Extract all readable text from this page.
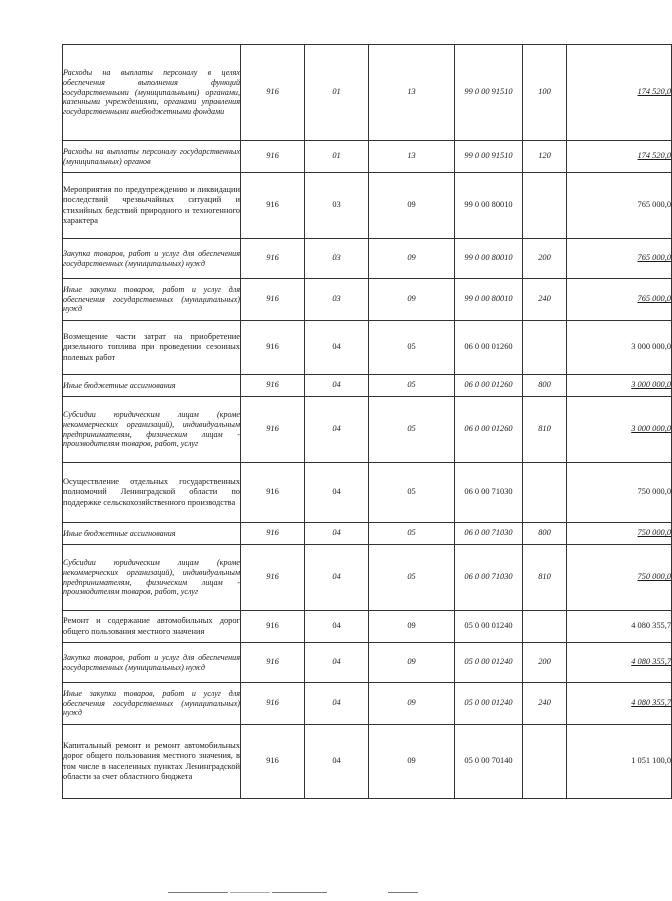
Расходы на выплаты персоналу в целях обеспечения выполнения функций государственными (муниципальными) органами, казенными учреждениями, органами управления государственными внебюджетными фондами	916	01	13	99 0 00 91510	100	174 520,0
Расходы на выплаты персоналу государственных (муниципальных) органов	916	01	13	99 0 00 91510	120	174 520,0
Мероприятия по предупреждению и ликвидации последствий чрезвычайных ситуаций и стихийных бедствий природного и техногенного характера	916	03	09	99 0 00 80010		765 000,0
Закупка товаров, работ и услуг для обеспечения государственных (муниципальных) нужд	916	03	09	99 0 00 80010	200	765 000,0
Иные закупки товаров, работ и услуг для обеспечения государственных (муниципальных) нужд	916	03	09	99 0 00 80010	240	765 000,0
Возмещение части затрат на приобретение дизельного топлива при проведении сезонных полевых работ	916	04	05	06 0 00 01260		3 000 000,0
Иные бюджетные ассигнования	916	04	05	06 0 00 01260	800	3 000 000,0
Субсидии юридическим лицам (кроме некоммерческих организаций), индивидуальным предпринимателям, физическим лицам - производителям товаров, работ, услуг	916	04	05	06 0 00 01260	810	3 000 000,0
Осуществление отдельных государственных полномочий Ленинградской области по поддержке сельскохозяйственного производства	916	04	05	06 0 00 71030		750 000,0
Иные бюджетные ассигнования	916	04	05	06 0 00 71030	800	750 000,0
Субсидии юридическим лицам (кроме некоммерческих организаций), индивидуальным предпринимателям, физическим лицам - производителям товаров, работ, услуг	916	04	05	06 0 00 71030	810	750 000,0
Ремонт и содержание автомобильных дорог общего пользования местного значения	916	04	09	05 0 00 01240		4 080 355,7
Закупка товаров, работ и услуг для обеспечения государственных (муниципальных) нужд	916	04	09	05 0 00 01240	200	4 080 355,7
Иные закупки товаров, работ и услуг для обеспечения государственных (муниципальных) нужд	916	04	09	05 0 00 01240	240	4 080 355,7
Капитальный ремонт и ремонт автомобильных дорог общего пользования местного значения, в том числе в населенных пунктах Ленинградской области за счет областного бюджета	916	04	09	05 0 00 70140		1 051 100,0
